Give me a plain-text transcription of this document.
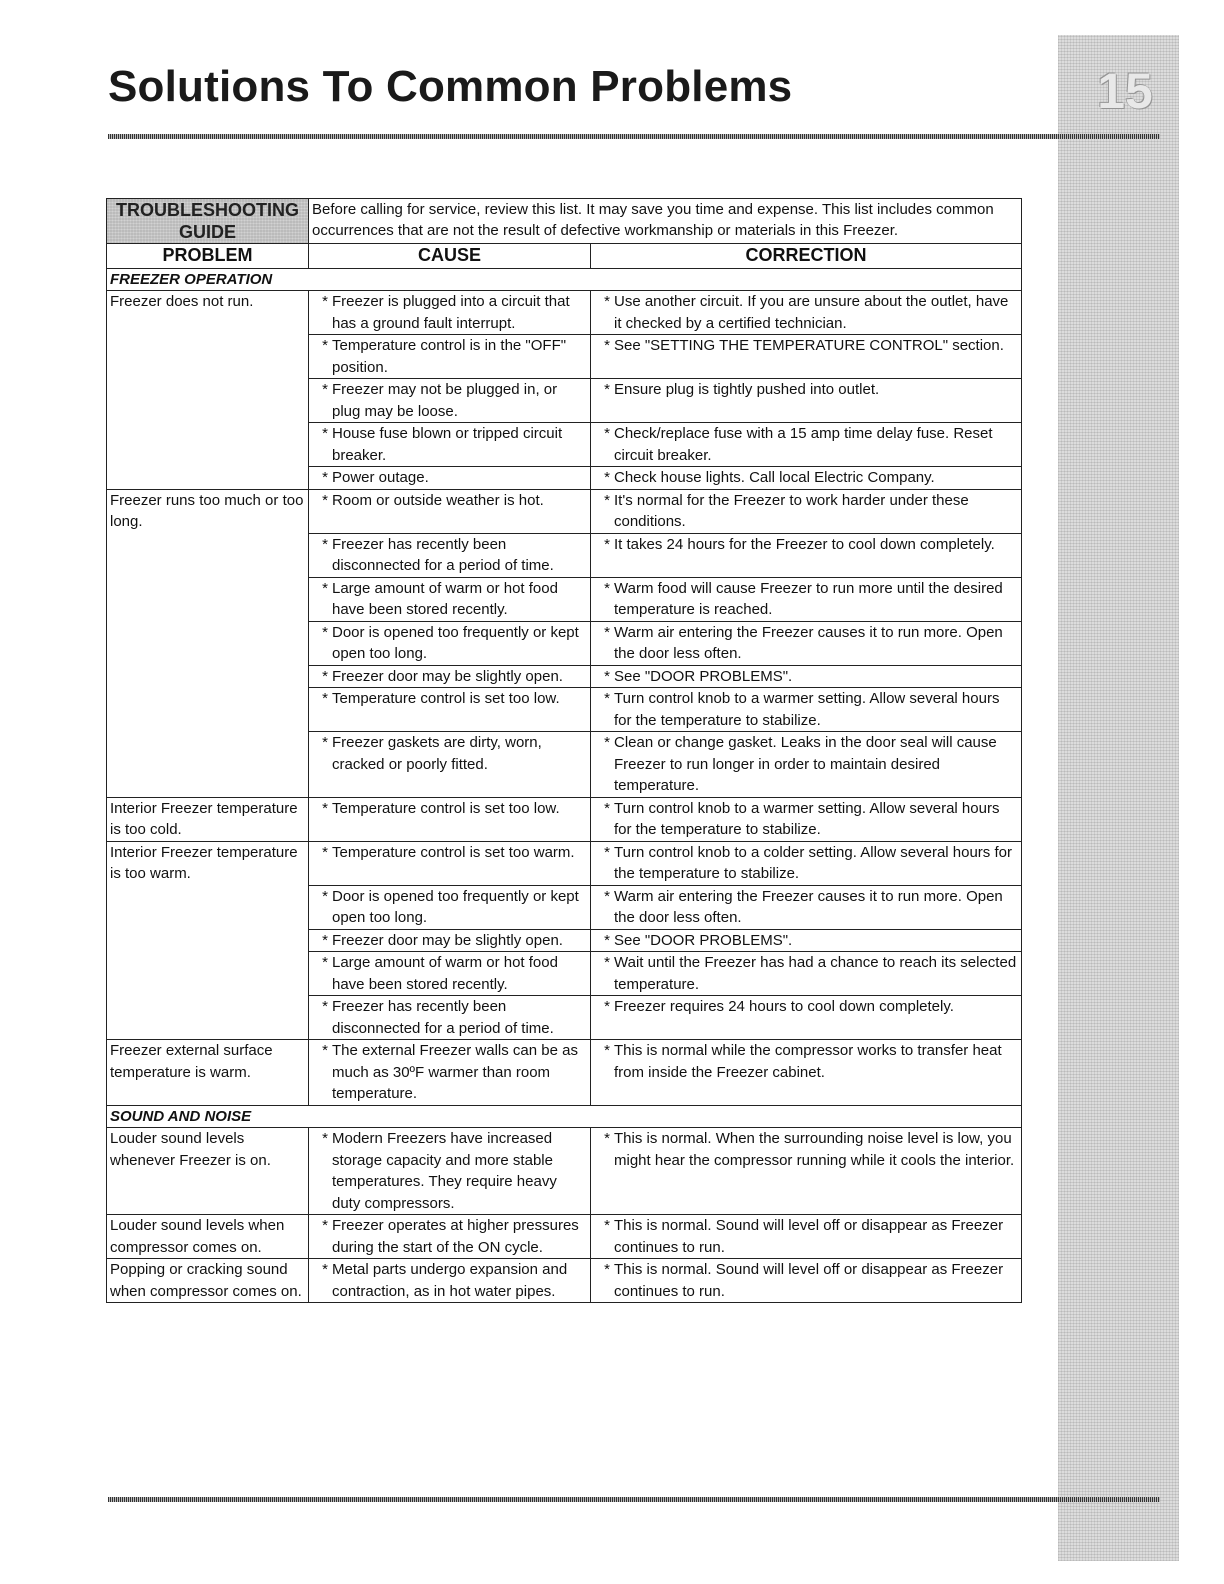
15
Solutions To Common Problems
TROUBLESHOOTING GUIDE	Before calling for service, review this list. It may save you time and expense. This list includes common occurrences that are not the result of defective workmanship or materials in this Freezer.	
PROBLEM	CAUSE	CORRECTION
FREEZER OPERATION		
Freezer does not run.	* Freezer is plugged into a circuit that has a ground fault interrupt.	* Use another circuit. If you are unsure about the outlet, have it checked by a certified technician.

	* Temperature control is in the "OFF" position.	* See "SETTING THE TEMPERATURE CONTROL" section.

	* Freezer may not be plugged in, or plug may be loose.	* Ensure plug is tightly pushed into outlet.

	* House fuse blown or tripped circuit breaker.	* Check/replace fuse with a 15 amp time delay fuse. Reset circuit breaker.

	* Power outage.	* Check house lights. Call local Electric Company.

Freezer runs too much or too long.	* Room or outside weather is hot.	* It's normal for the Freezer to work harder under these conditions.

	* Freezer has recently been disconnected for a period of time.	* It takes 24 hours for the Freezer to cool down completely.

	* Large amount of warm or hot food have been stored recently.	* Warm food will cause Freezer to run more until the desired temperature is reached.

	* Door is opened too frequently or kept open too long.	* Warm air entering the Freezer causes it to run more. Open the door less often.

	* Freezer door may be slightly open.	* See "DOOR PROBLEMS".

	* Temperature control is set too low.	* Turn control knob to a warmer setting. Allow several hours for the temperature to stabilize.

	* Freezer gaskets are dirty, worn, cracked or poorly fitted.	* Clean or change gasket. Leaks in the door seal will cause Freezer to run longer in order to maintain desired temperature.

Interior Freezer temperature is too cold.	* Temperature control is set too low.	* Turn control knob to a warmer setting. Allow several hours for the temperature to stabilize.

Interior Freezer temperature is too warm.	* Temperature control is set too warm.	* Turn control knob to a colder setting. Allow several hours for the temperature to stabilize.

	* Door is opened too frequently or kept open too long.	* Warm air entering the Freezer causes it to run more. Open the door less often.

	* Freezer door may be slightly open.	* See "DOOR PROBLEMS".

	* Large amount of warm or hot food have been stored recently.	* Wait until the Freezer has had a chance to reach its selected temperature.

	* Freezer has recently been disconnected for a period of time.	* Freezer requires 24 hours to cool down completely.

Freezer external surface temperature is warm.	* The external Freezer walls can be as much as 30ºF warmer than room temperature.	* This is normal while the compressor works to transfer heat from inside the Freezer cabinet.

SOUND AND NOISE		
Louder sound levels whenever Freezer is on.	* Modern Freezers have increased storage capacity and more stable temperatures. They require heavy duty compressors.	* This is normal. When the surrounding noise level is low, you might hear the compressor running while it cools the interior.

Louder sound levels when compressor comes on.	* Freezer operates at higher pressures during the start of the ON cycle.	* This is normal. Sound will level off or disappear as Freezer continues to run.

Popping or cracking sound when compressor comes on.	* Metal parts undergo expansion and contraction, as in hot water pipes.	* This is normal. Sound will level off or disappear as Freezer continues to run.
